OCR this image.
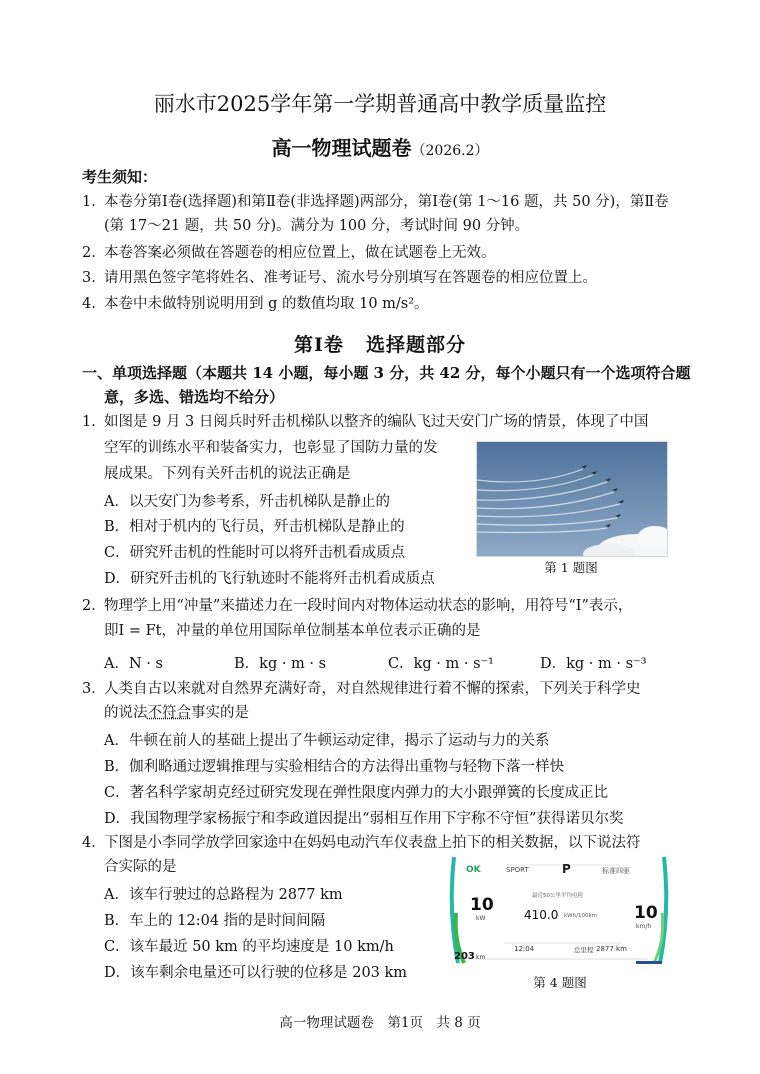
丽水市2025学年第一学期普通高中教学质量监控
高一物理试题卷（2026.2）
考生须知：
1．本卷分第Ⅰ卷(选择题)和第Ⅱ卷(非选择题)两部分，第Ⅰ卷(第 1～16 题，共 50 分)，第Ⅱ卷
(第 17～21 题，共 50 分)。满分为 100 分，考试时间 90 分钟。
2．本卷答案必须做在答题卷的相应位置上，做在试题卷上无效。
3．请用黑色签字笔将姓名、准考证号、流水号分别填写在答题卷的相应位置上。
4. 本卷中未做特别说明用到 g 的数值均取 10 m/s²。
第Ⅰ卷 选择题部分
一、单项选择题（本题共 14 小题，每小题 3 分，共 42 分，每个小题只有一个选项符合题
意，多选、错选均不给分）
1．如图是 9 月 3 日阅兵时歼击机梯队以整齐的编队飞过天安门广场的情景，体现了中国
空军的训练水平和装备实力，也彰显了国防力量的发
展成果。下列有关歼击机的说法正确是
A．以天安门为参考系，歼击机梯队是静止的
B．相对于机内的飞行员，歼击机梯队是静止的
C．研究歼击机的性能时可以将歼击机看成质点
D．研究歼击机的飞行轨迹时不能将歼击机看成质点
第 1 题图
2．物理学上用“冲量”来描述力在一段时间内对物体运动状态的影响，用符号“I”表示，
即I = Ft，冲量的单位用国际单位制基本单位表示正确的是
A．N · s	B．kg · m · s	C．kg · m · s⁻¹	D．kg · m · s⁻³
3．人类自古以来就对自然界充满好奇，对自然规律进行着不懈的探索，下列关于科学史
的说法不符合事实的是
A．牛顿在前人的基础上提出了牛顿运动定律，揭示了运动与力的关系
B．伽利略通过逻辑推理与实验相结合的方法得出重物与轻物下落一样快
C．著名科学家胡克经过研究发现在弹性限度内弹力的大小跟弹簧的长度成正比
D．我国物理学家杨振宁和李政道因提出“弱相互作用下宇称不守恒”获得诺贝尔奖
4．下图是小李同学放学回家途中在妈妈电动汽车仪表盘上拍下的相关数据，以下说法符
合实际的是
A．该车行驶过的总路程为 2877 km
B．车上的 12:04 指的是时间间隔
C．该车最近 50 km 的平均速度是 10 km/h
D．该车剩余电量还可以行驶的位移是 203 km
OK	SPORT	P	标准四驱
10
kW
最近50公里平均电耗
410.0 kWh/100km 10
km/h
12:04	总里程 2877 km
203 km
第 4 题图
高一物理试题卷　第1页　共 8 页
